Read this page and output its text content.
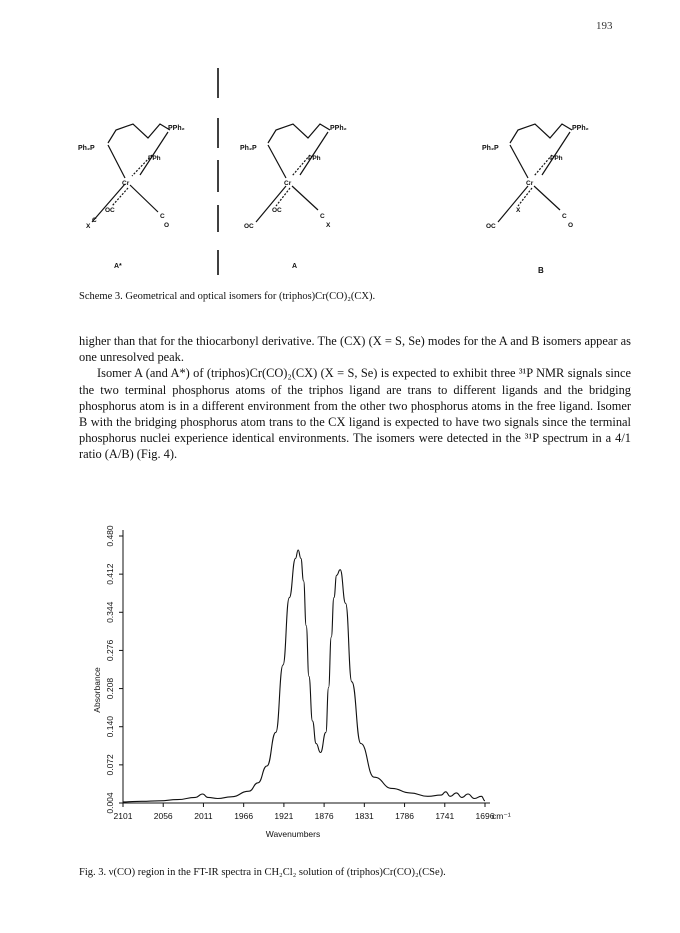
193
Ph₂P
PPh₂
PPh
Cr
X
C
OC
C
O
A*
Ph₂P
PPh₂
PPh
Cr
OC
OC
C
X
A
Ph₂P
PPh₂
PPh
Cr
OC
X
C
O
B
Scheme 3. Geometrical and optical isomers for (triphos)Cr(CO)₂(CX).

higher than that for the thiocarbonyl derivative. The (CX) (X = S, Se) modes for the A and B isomers appear as one unresolved peak.

Isomer A (and A*) of (triphos)Cr(CO)₂(CX) (X = S, Se) is expected to exhibit three ³¹P NMR signals since the two terminal phosphorus atoms of the triphos ligand are trans to different ligands and the bridging phosphorus atom is in a different environment from the other two phosphorus atoms in the free ligand. Isomer B with the bridging phosphorus atom trans to the CX ligand is expected to have two signals since the terminal phosphorus nuclei experience identical environments. The isomers were detected in the ³¹P spectrum in a 4/1 ratio (A/B) (Fig. 4).

0.004
0.072
0.140
0.208
0.276
0.344
0.412
0.480
2101	2056	2011	1966	1921	1876	1831	1786	1741	1696
Absorbance
Wavenumbers
cm⁻¹
Fig. 3. ν(CO) region in the FT-IR spectra in CH₂Cl₂ solution of (triphos)Cr(CO)₂(CSe).
